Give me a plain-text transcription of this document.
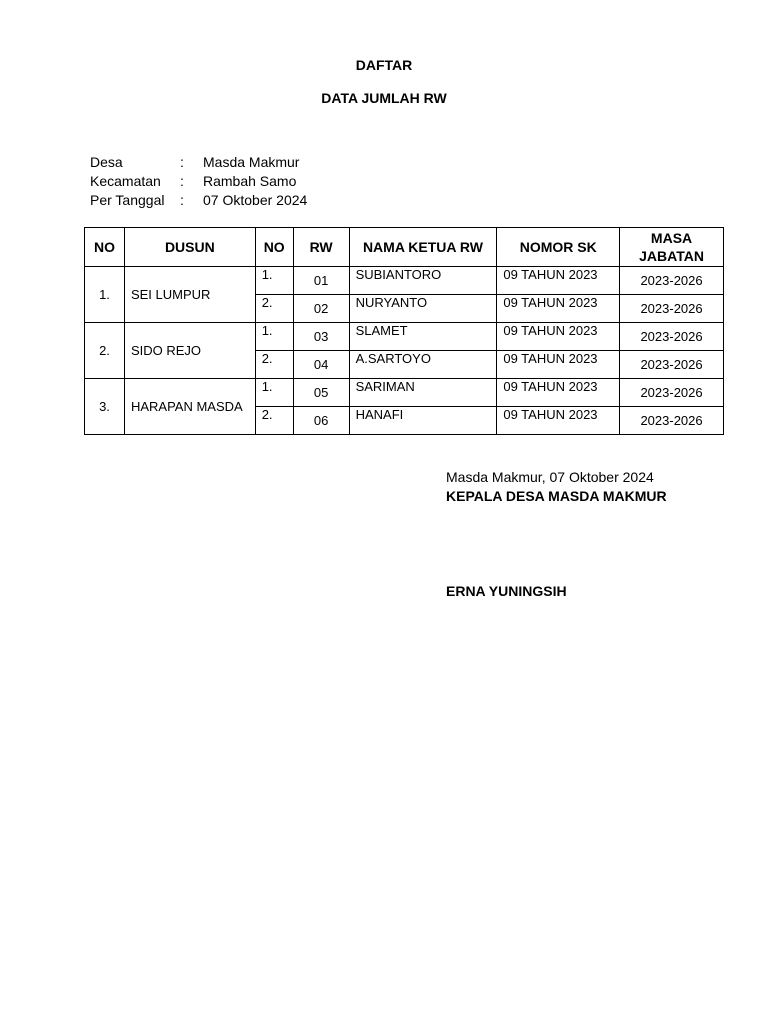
DAFTAR
DATA JUMLAH RW
Desa	:	Masda Makmur
Kecamatan	:	Rambah Samo
Per Tanggal	:	07 Oktober 2024
NO	DUSUN	NO	RW	NAMA KETUA RW	NOMOR SK	MASA
JABATAN

1.	SEI LUMPUR	1.	01	SUBIANTORO	09 TAHUN 2023	2023-2026
		2.	02	NURYANTO	09 TAHUN 2023	2023-2026
2.	SIDO REJO	1.	03	SLAMET	09 TAHUN 2023	2023-2026
		2.	04	A.SARTOYO	09 TAHUN 2023	2023-2026
3.	HARAPAN MASDA	1.	05	SARIMAN	09 TAHUN 2023	2023-2026
		2.	06	HANAFI	09 TAHUN 2023	2023-2026
Masda Makmur, 07 Oktober 2024
KEPALA DESA MASDA MAKMUR
ERNA YUNINGSIH
